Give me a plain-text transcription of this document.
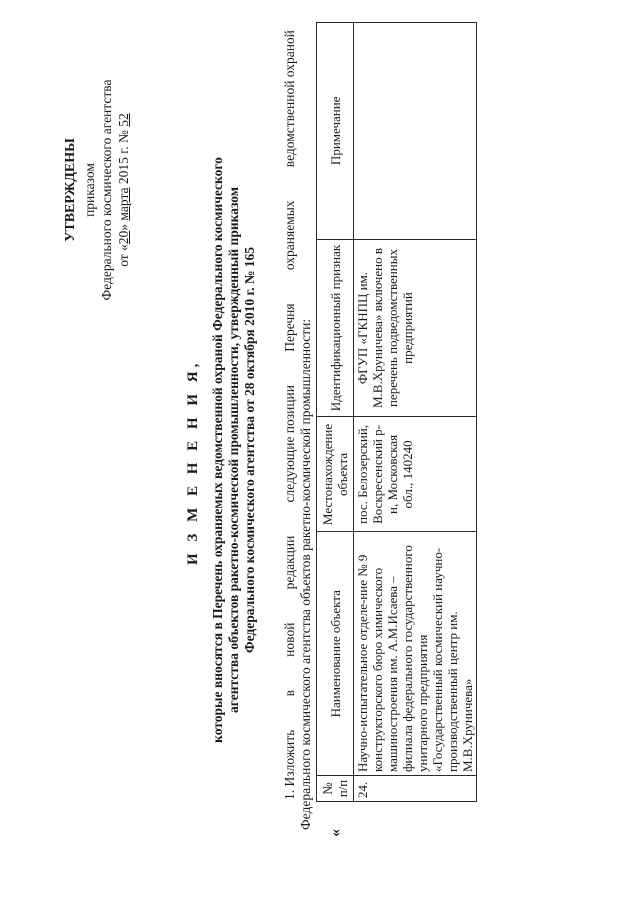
УТВЕРЖДЕНЫ приказом Федерального космического агентства от «20» марта 2015 г. № 52
И З М Е Н Е Н И Я, которые вносятся в Перечень охраняемых ведомственной охраной Федерального космического агентства объектов ракетно-космической промышленности, утвержденный приказом Федерального космического агентства от 28 октября 2010 г. № 165
1. Изложить
в
новой
редакции
следующие позиции
Перечня
охраняемых
ведомственной охраной
Федерального космического агентства объектов ракетно-космической промышленности:
«
№ п/п	Наименование объекта	Местонахождение объекта	Идентификационный признак	Примечание
24.	Научно-испытательное отделе-ние № 9 конструкторского бюро химического машиностроения им. А.М.Исаева – филиала федерального государственного унитарного предприятия «Государственный космический научно-производственный центр им. М.В.Хруничева»	пос. Белозерский, Воскресенский р-н, Московская обл., 140240	ФГУП «ГКНПЦ им. М.В.Хруничева» включено в перечень подведомственных предприятий	
